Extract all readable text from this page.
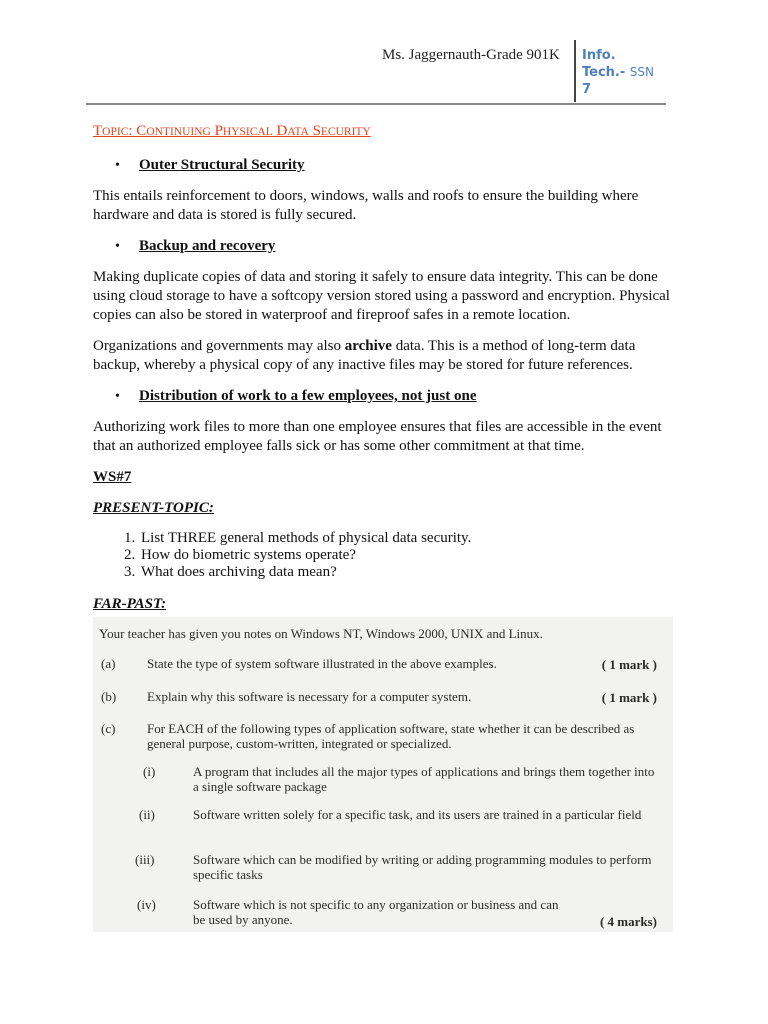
Ms. Jaggernauth-Grade 901K Info.
Tech.- SSN
7
TOPIC: CONTINUING PHYSICAL DATA SECURITY
•	Outer Structural Security

This entails reinforcement to doors, windows, walls and roofs to ensure the building where hardware and data is stored is fully secured.

•	Backup and recovery

Making duplicate copies of data and storing it safely to ensure data integrity. This can be done using cloud storage to have a softcopy version stored using a password and encryption. Physical copies can also be stored in waterproof and fireproof safes in a remote location.

Organizations and governments may also archive data. This is a method of long-term data backup, whereby a physical copy of any inactive files may be stored for future references.

•	Distribution of work to a few employees, not just one

Authorizing work files to more than one employee ensures that files are accessible in the event that an authorized employee falls sick or has some other commitment at that time.

WS#7
PRESENT-TOPIC:
1. List THREE general methods of physical data security.
2. How do biometric systems operate?
3. What does archiving data mean?
FAR-PAST:
Your teacher has given you notes on Windows NT, Windows 2000, UNIX and Linux.
(a) State the type of system software illustrated in the above examples.	( 1 mark )
(b) Explain why this software is necessary for a computer system.	( 1 mark )
(c) For EACH of the following types of application software, state whether it can be described as general purpose, custom-written, integrated or specialized.
(i)	A program that includes all the major types of applications and brings them together into a single software package
(ii)	Software written solely for a specific task, and its users are trained in a particular field
(iii)	Software which can be modified by writing or adding programming modules to perform specific tasks
(iv)	Software which is not specific to any organization or business and can be used by anyone.	( 4 marks)
